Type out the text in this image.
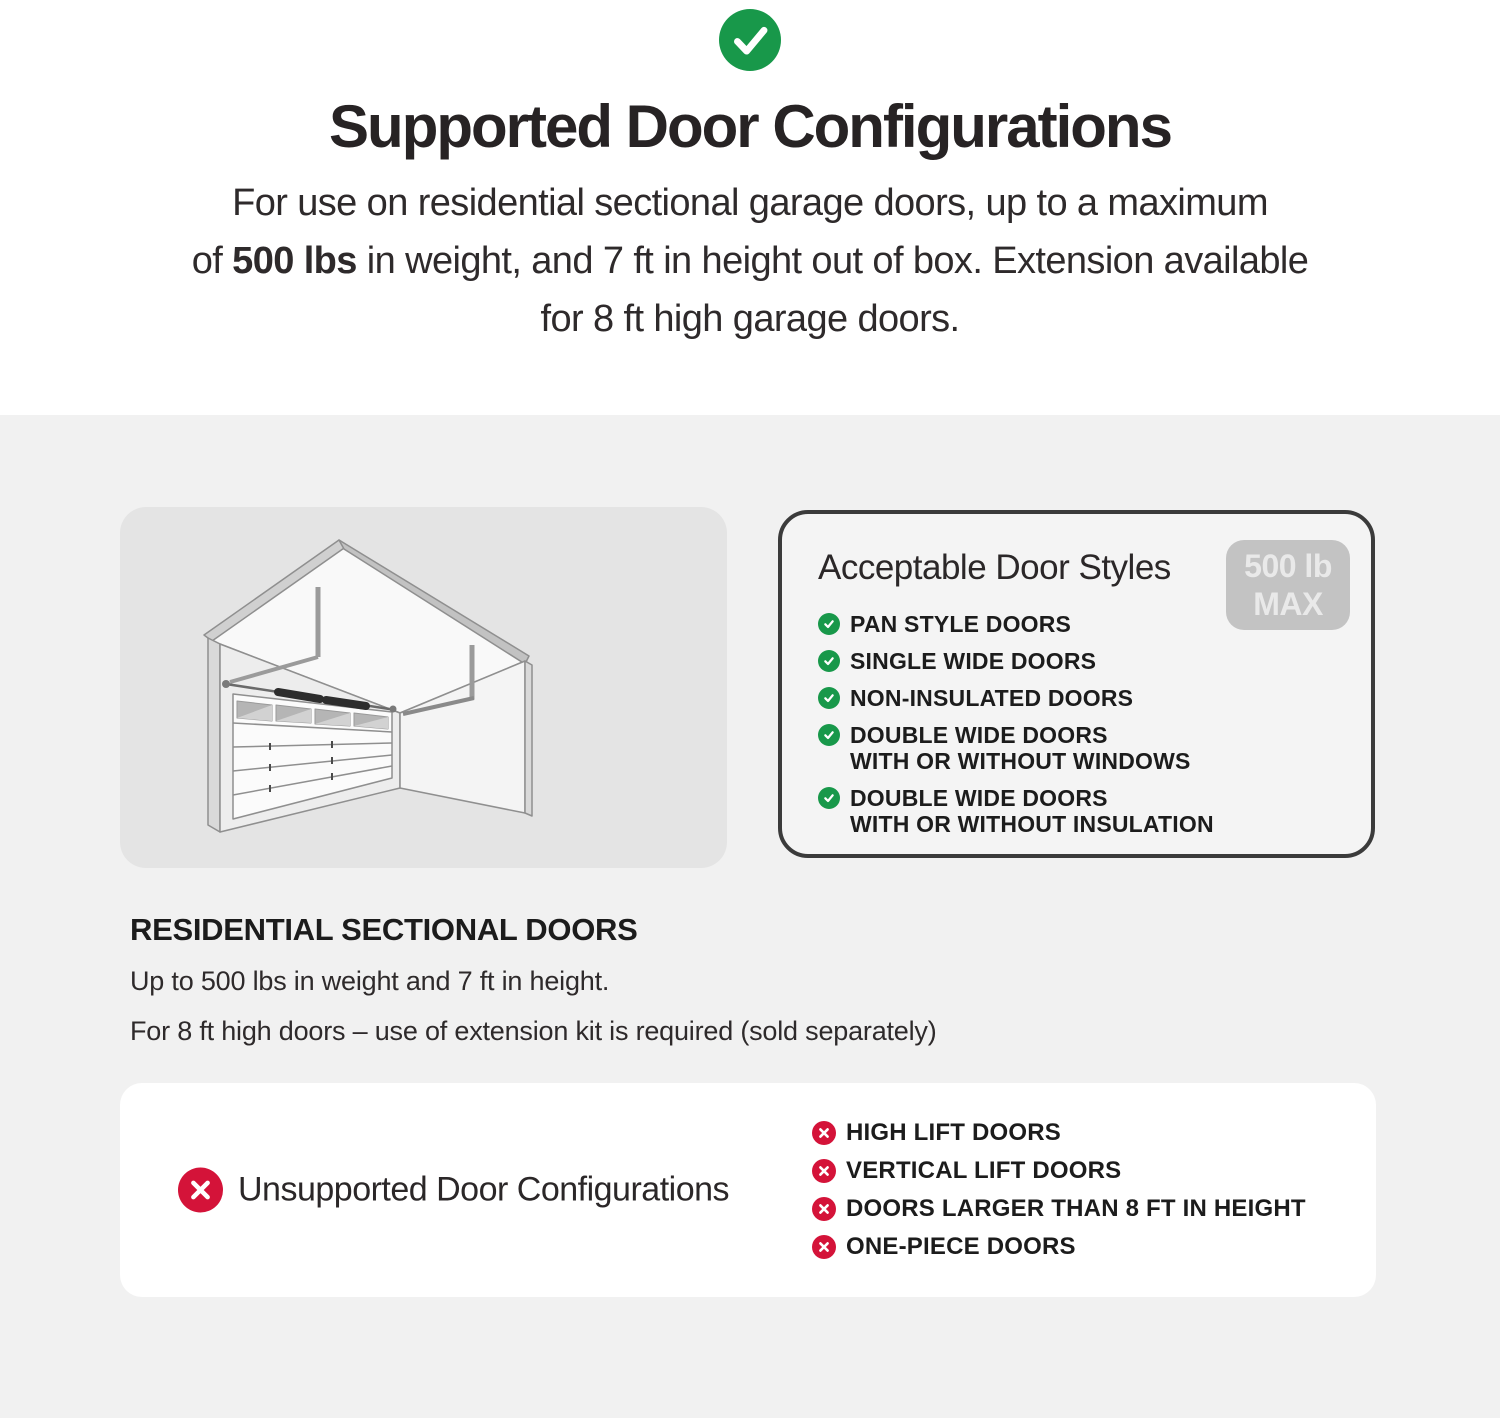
Supported Door Configurations

For use on residential sectional garage doors, up to a maximum
of 500 lbs in weight, and 7 ft in height out of box. Extension available
for 8 ft high garage doors.

Acceptable Door Styles 500 lb
MAX
PAN STYLE DOORS
SINGLE WIDE DOORS
NON-INSULATED DOORS
DOUBLE WIDE DOORS
WITH OR WITHOUT WINDOWS
DOUBLE WIDE DOORS
WITH OR WITHOUT INSULATION
RESIDENTIAL SECTIONAL DOORS

Up to 500 lbs in weight and 7 ft in height.

For 8 ft high doors – use of extension kit is required (sold separately)

Unsupported Door Configurations
HIGH LIFT DOORS
VERTICAL LIFT DOORS
DOORS LARGER THAN 8 FT IN HEIGHT
ONE-PIECE DOORS
